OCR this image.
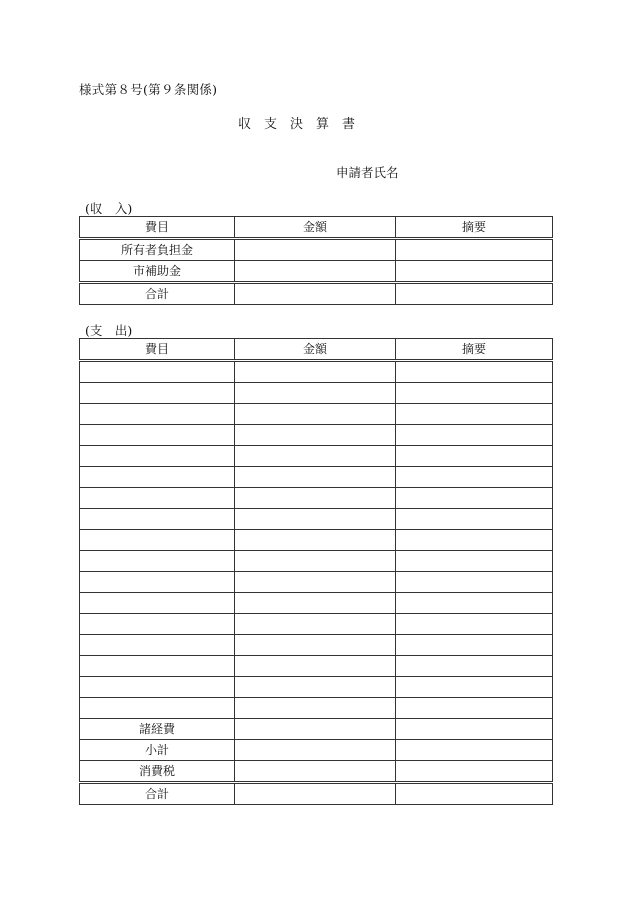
様式第８号(第９条関係)
収　支　決　算　書
申請者氏名
(収　入)
費目	金額	摘要
所有者負担金		
市補助金		
合計		
(支　出)
費目	金額	摘要

諸経費		
小計		
消費税		
合計		
